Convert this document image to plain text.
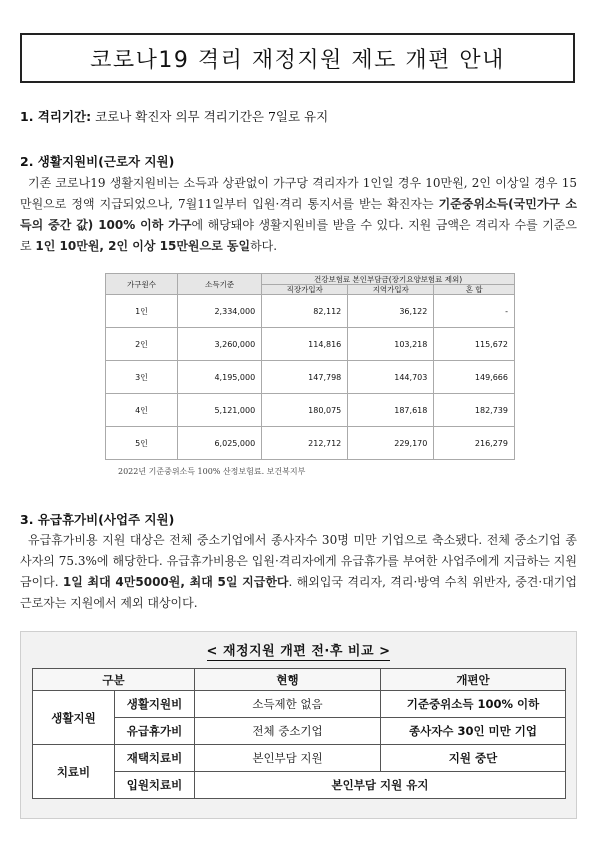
코로나19 격리 재정지원 제도 개편 안내
1. 격리기간: 코로나 확진자 의무 격리기간은 7일로 유지
2. 생활지원비(근로자 지원)
기존 코로나19 생활지원비는 소득과 상관없이 가구당 격리자가 1인일 경우 10만원, 2인 이상일 경우 15만원으로 정액 지급되었으나, 7월11일부터 입원·격리 통지서를 받는 확진자는 기준중위소득(국민가구 소득의 중간 값) 100% 이하 가구에 해당돼야 생활지원비를 받을 수 있다. 지원 금액은 격리자 수를 기준으로 1인 10만원, 2인 이상 15만원으로 동일하다.
가구원수	소득기준	건강보험료 본인부담금(장기요양보험료 제외)		
		직장가입자	지역가입자	혼 합
1인	2,334,000	82,112	36,122	-
2인	3,260,000	114,816	103,218	115,672
3인	4,195,000	147,798	144,703	149,666
4인	5,121,000	180,075	187,618	182,739
5인	6,025,000	212,712	229,170	216,279
2022년 기준중위소득 100% 산정보험료. 보건복지부
3. 유급휴가비(사업주 지원)
유급휴가비용 지원 대상은 전체 중소기업에서 종사자수 30명 미만 기업으로 축소됐다. 전체 중소기업 종사자의 75.3%에 해당한다. 유급휴가비용은 입원·격리자에게 유급휴가를 부여한 사업주에게 지급하는 지원금이다. 1일 최대 4만5000원, 최대 5일 지급한다. 해외입국 격리자, 격리·방역 수칙 위반자, 중견·대기업 근로자는 지원에서 제외 대상이다.
< 재정지원 개편 전·후 비교 >
구분		현행	개편안
생활지원	생활지원비	소득제한 없음	기준중위소득 100% 이하
	유급휴가비	전체 중소기업	종사자수 30인 미만 기업
치료비	재택치료비	본인부담 지원	지원 중단
	입원치료비	본인부담 지원 유지	
